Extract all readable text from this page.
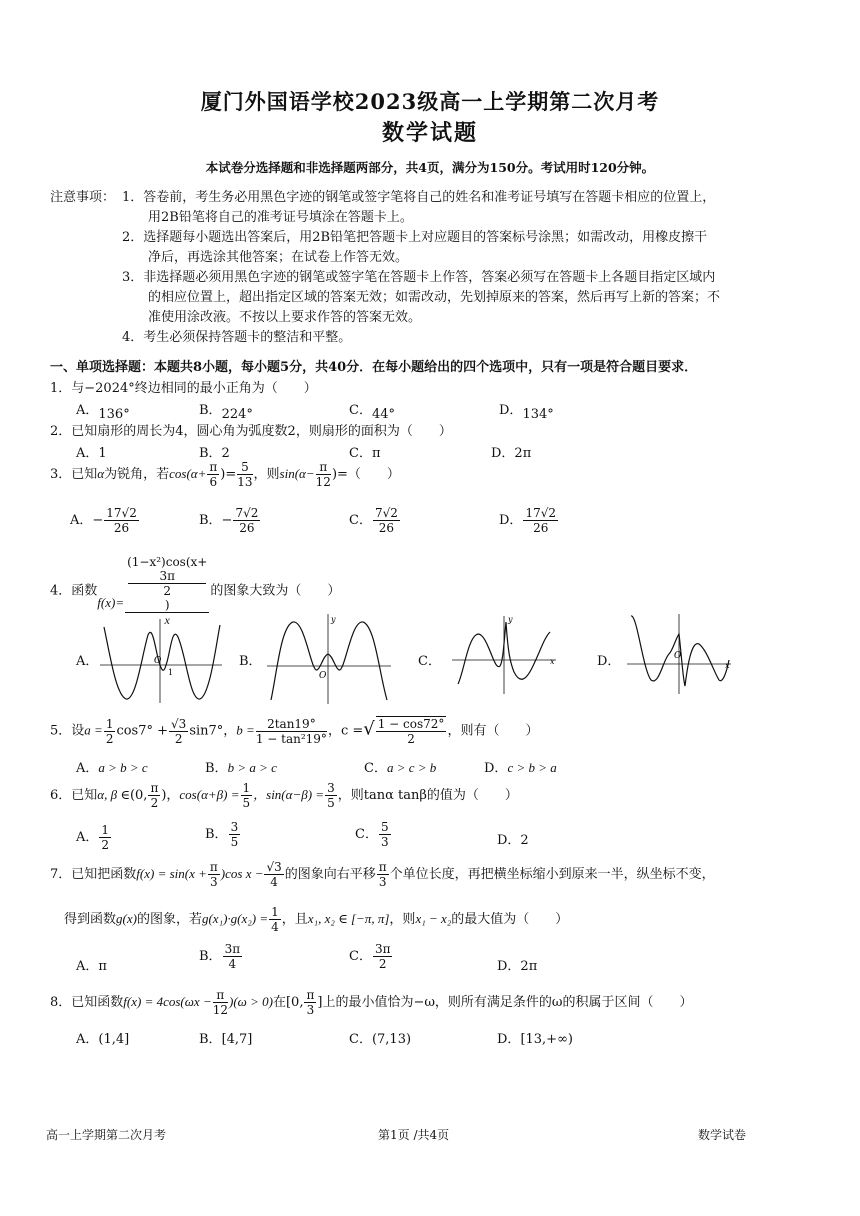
厦门外国语学校2023级高一上学期第二次月考
数学试题
本试卷分选择题和非选择题两部分，共4页，满分为150分。考试用时120分钟。
注意事项： 1．答卷前，考生务必用黑色字迹的钢笔或签字笔将自己的姓名和准考证号填写在答题卡相应的位置上，
用2B铅笔将自己的准考证号填涂在答题卡上。
2．选择题每小题选出答案后，用2B铅笔把答题卡上对应题目的答案标号涂黑；如需改动，用橡皮擦干
净后，再选涂其他答案；在试卷上作答无效。
3．非选择题必须用黑色字迹的钢笔或签字笔在答题卡上作答，答案必须写在答题卡上各题目指定区域内
的相应位置上，超出指定区域的答案无效；如需改动，先划掉原来的答案，然后再写上新的答案；不
准使用涂改液。不按以上要求作答的答案无效。
4．考生必须保持答题卡的整洁和平整。
一、单项选择题：本题共8小题，每小题5分，共40分．在每小题给出的四个选项中，只有一项是符合题目要求．
1．与−2024°终边相同的最小正角为（　　）
A．136°	B．224°	C．44°	D．134°
2．已知扇形的周长为4，圆心角为弧度数2，则扇形的面积为（　　）
A．1	B．2	C．π	D．2π
3．已知α为锐角，若$\cos(\alpha+ \frac{\pi}{6}$ )= $\frac{5}{13}$ ，则$\sin(\alpha- \frac{\pi}{12}$ )=（　　）
A．− $\frac{17√2}{26}$	B．− $\frac{7√2}{26}$	C． $\frac{7√2}{26}$	D． $\frac{17√2}{26}$
4．函数f(x)= (1−x²)cos(x+
3π
2
)
x 的图象大致为（　　）
A．	B．	C．	D．
O
1
y
O
y
x
O
x
5．设$a = \frac{1}{2} \cos 7^\circ + \frac{√3}{2} \sin 7^\circ$，$b = \frac{2\tan 19^\circ}{\text{1 − tan²19°}}$ ，c =√ $\frac{1 - \cos 72^\circ}{2}$ ，则有（　　）
A．a > b > c	B．b > a > c	C．a > c > b	D．c > b > a
6．已知α, β ∈(0, $\frac{\pi}{2}$ )，$\cos(\alpha+\beta) = \frac{1}{5}$ ，$\sin(\alpha-\beta) = \frac{3}{5}$ ，则tanα tanβ的值为（　　）
A． $\frac{1}{2}$	B． $\frac{3}{5}$	C． $\frac{5}{3}$	D．2
7．已知把函数$f(x) = \sin(x + \frac{\pi}{3} )\cos$ $x - \frac{√3}{4}$ 的图象向右平移 $\frac{\pi}{3}$ 个单位长度，再把横坐标缩小到原来一半，纵坐标不变，
得到函数g(x)的图象，若$g(x_1)\cdot g(x_2) = \frac{1}{4}$ ，且x₁, x₂ ∈ [−π, π]，则x₁ − x₂的最大值为（　　）
A．π
B． $\frac{3\pi}{4}$	C． $\frac{3\pi}{2}$	D．2π
8．已知函数$f(x) = 4\cos(\omega x - \frac{\pi}{12} )(\omega > 0)$在[0, $\frac{\pi}{3}$ ]上的最小值恰为−ω，则所有满足条件的ω的积属于区间（　　）
A．(1,4]	B．[4,7]	C．(7,13)	D．[13,+∞)
高一上学期第二次月考	第1页 /共4页	数学试卷
